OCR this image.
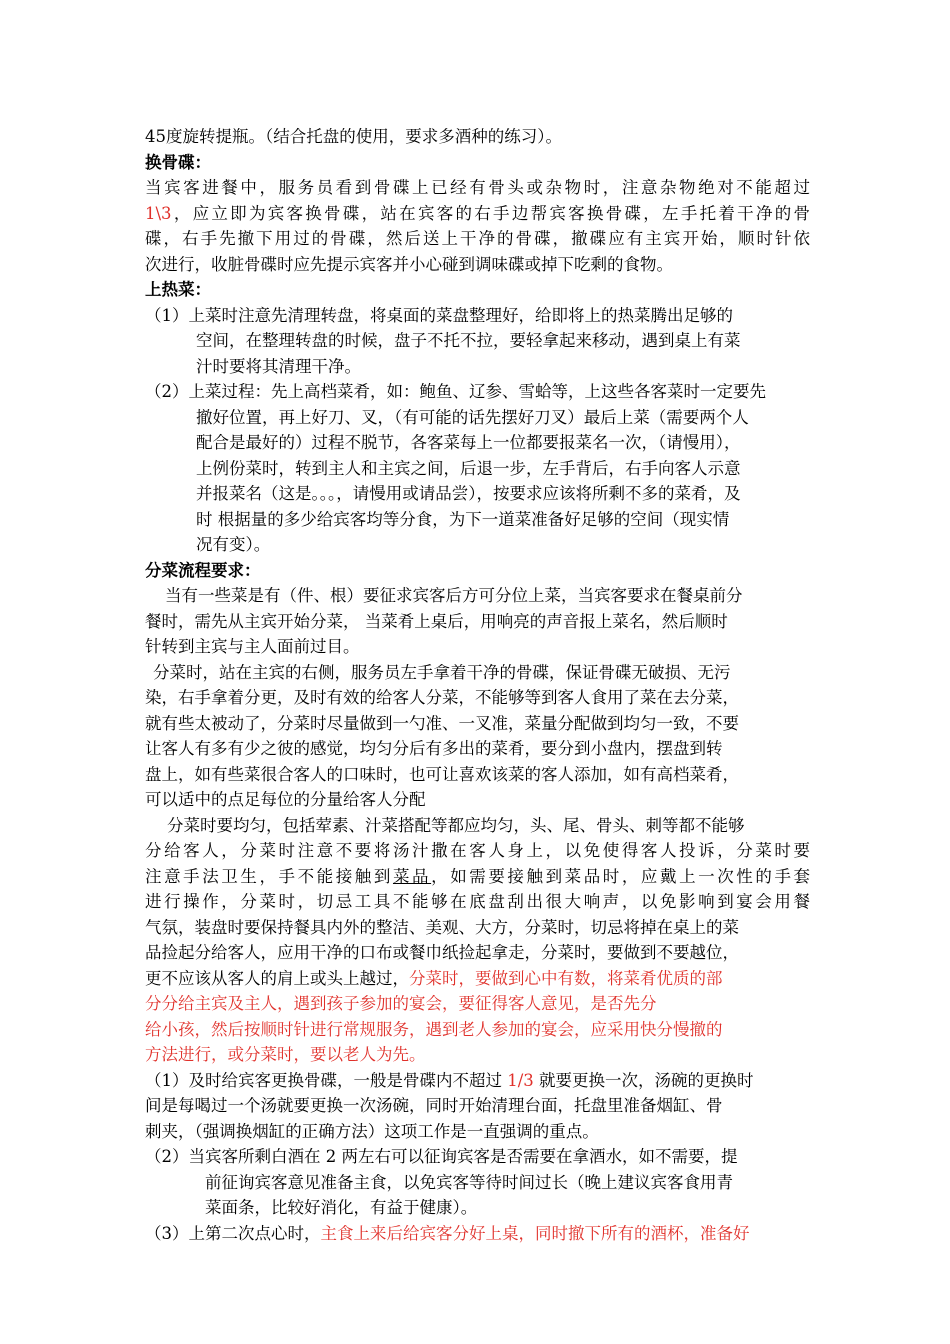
45度旋转提瓶。（结合托盘的使用，要求多酒种的练习）。
换骨碟：
当宾客进餐中，服务员看到骨碟上已经有骨头或杂物时，注意杂物绝对不能超过
1\3，应立即为宾客换骨碟，站在宾客的右手边帮宾客换骨碟，左手托着干净的骨
碟，右手先撤下用过的骨碟，然后送上干净的骨碟，撤碟应有主宾开始，顺时针依
次进行，收脏骨碟时应先提示宾客并小心碰到调味碟或掉下吃剩的食物。
上热菜：
（1）上菜时注意先清理转盘，将桌面的菜盘整理好，给即将上的热菜腾出足够的
空间，在整理转盘的时候，盘子不托不拉，要轻拿起来移动，遇到桌上有菜
汁时要将其清理干净。
（2）上菜过程：先上高档菜肴，如：鲍鱼、辽参、雪蛤等，上这些各客菜时一定要先
撤好位置，再上好刀、叉，（有可能的话先摆好刀叉）最后上菜（需要两个人
配合是最好的）过程不脱节，各客菜每上一位都要报菜名一次，（请慢用），
上例份菜时，转到主人和主宾之间，后退一步，左手背后，右手向客人示意
并报菜名（这是。。。，请慢用或请品尝），按要求应该将所剩不多的菜肴，及
时 根据量的多少给宾客均等分食，为下一道菜准备好足够的空间（现实情
况有变）。
分菜流程要求：
当有一些菜是有（件、根）要征求宾客后方可分位上菜，当宾客要求在餐桌前分
餐时，需先从主宾开始分菜， 当菜肴上桌后，用响亮的声音报上菜名，然后顺时
针转到主宾与主人面前过目。
分菜时，站在主宾的右侧，服务员左手拿着干净的骨碟，保证骨碟无破损、无污
染，右手拿着分更，及时有效的给客人分菜，不能够等到客人食用了菜在去分菜，
就有些太被动了，分菜时尽量做到一勺准、一叉准，菜量分配做到均匀一致，不要
让客人有多有少之彼的感觉，均匀分后有多出的菜肴，要分到小盘内，摆盘到转
盘上，如有些菜很合客人的口味时，也可让喜欢该菜的客人添加，如有高档菜肴，
可以适中的点足每位的分量给客人分配
分菜时要均匀，包括荤素、汁菜搭配等都应均匀，头、尾、骨头、刺等都不能够
分给客人，分菜时注意不要将汤汁撒在客人身上，以免使得客人投诉，分菜时要
注意手法卫生，手不能接触到菜品，如需要接触到菜品时，应戴上一次性的手套
进行操作，分菜时，切忌工具不能够在底盘刮出很大响声，以免影响到宴会用餐
气氛，装盘时要保持餐具内外的整洁、美观、大方，分菜时，切忌将掉在桌上的菜
品捡起分给客人，应用干净的口布或餐巾纸捡起拿走，分菜时，要做到不要越位，
更不应该从客人的肩上或头上越过，分菜时，要做到心中有数，将菜肴优质的部
分分给主宾及主人，遇到孩子参加的宴会，要征得客人意见，是否先分
给小孩，然后按顺时针进行常规服务，遇到老人参加的宴会，应采用快分慢撤的
方法进行，或分菜时，要以老人为先。
（1）及时给宾客更换骨碟，一般是骨碟内不超过 1/3 就要更换一次，汤碗的更换时
间是每喝过一个汤就要更换一次汤碗，同时开始清理台面，托盘里准备烟缸、骨
刺夹，（强调换烟缸的正确方法）这项工作是一直强调的重点。
（2）当宾客所剩白酒在 2 两左右可以征询宾客是否需要在拿酒水，如不需要，提
前征询宾客意见准备主食，以免宾客等待时间过长（晚上建议宾客食用青
菜面条，比较好消化，有益于健康）。
（3）上第二次点心时，主食上来后给宾客分好上桌，同时撤下所有的酒杯，准备好
